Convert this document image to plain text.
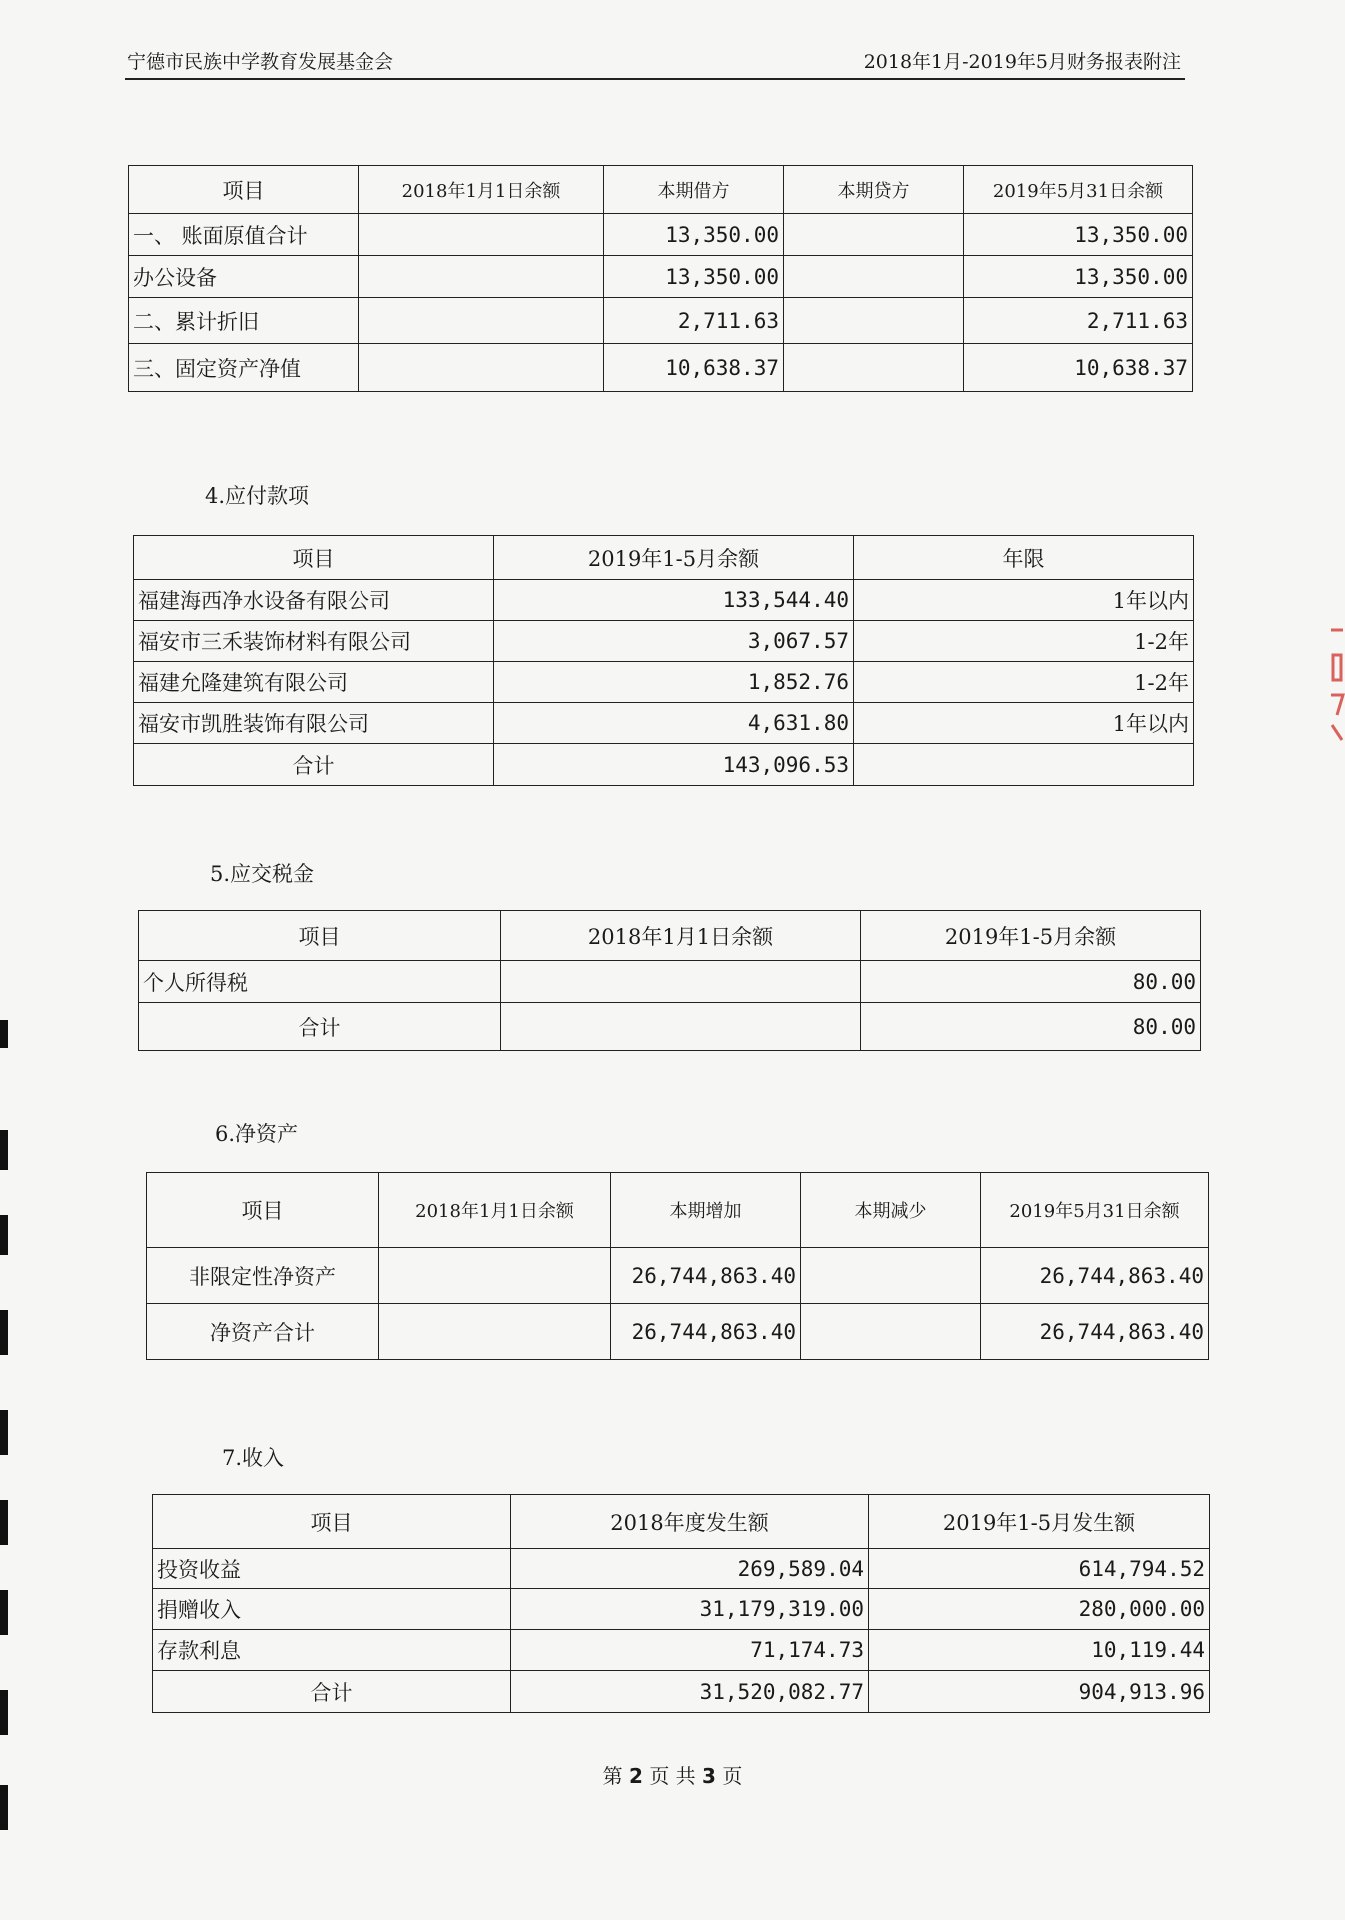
宁德市民族中学教育发展基金会	2018年1月-2019年5月财务报表附注
项目	2018年1月1日余额	本期借方	本期贷方	2019年5月31日余额
一、 账面原值合计		13,350.00		13,350.00
办公设备		13,350.00		13,350.00
二、累计折旧		2,711.63		2,711.63
三、固定资产净值		10,638.37		10,638.37
4.应付款项
项目	2019年1-5月余额	年限
福建海西净水设备有限公司	133,544.40	1年以内
福安市三禾装饰材料有限公司	3,067.57	1-2年
福建允隆建筑有限公司	1,852.76	1-2年
福安市凯胜装饰有限公司	4,631.80	1年以内
合计	143,096.53	
5.应交税金
项目	2018年1月1日余额	2019年1-5月余额
个人所得税		80.00
合计		80.00
6.净资产
项目	2018年1月1日余额	本期增加	本期减少	2019年5月31日余额
非限定性净资产		26,744,863.40		26,744,863.40
净资产合计		26,744,863.40		26,744,863.40
7.收入
项目	2018年度发生额	2019年1-5月发生额
投资收益	269,589.04	614,794.52
捐赠收入	31,179,319.00	280,000.00
存款利息	71,174.73	10,119.44
合计	31,520,082.77	904,913.96
第 2 页 共 3 页
